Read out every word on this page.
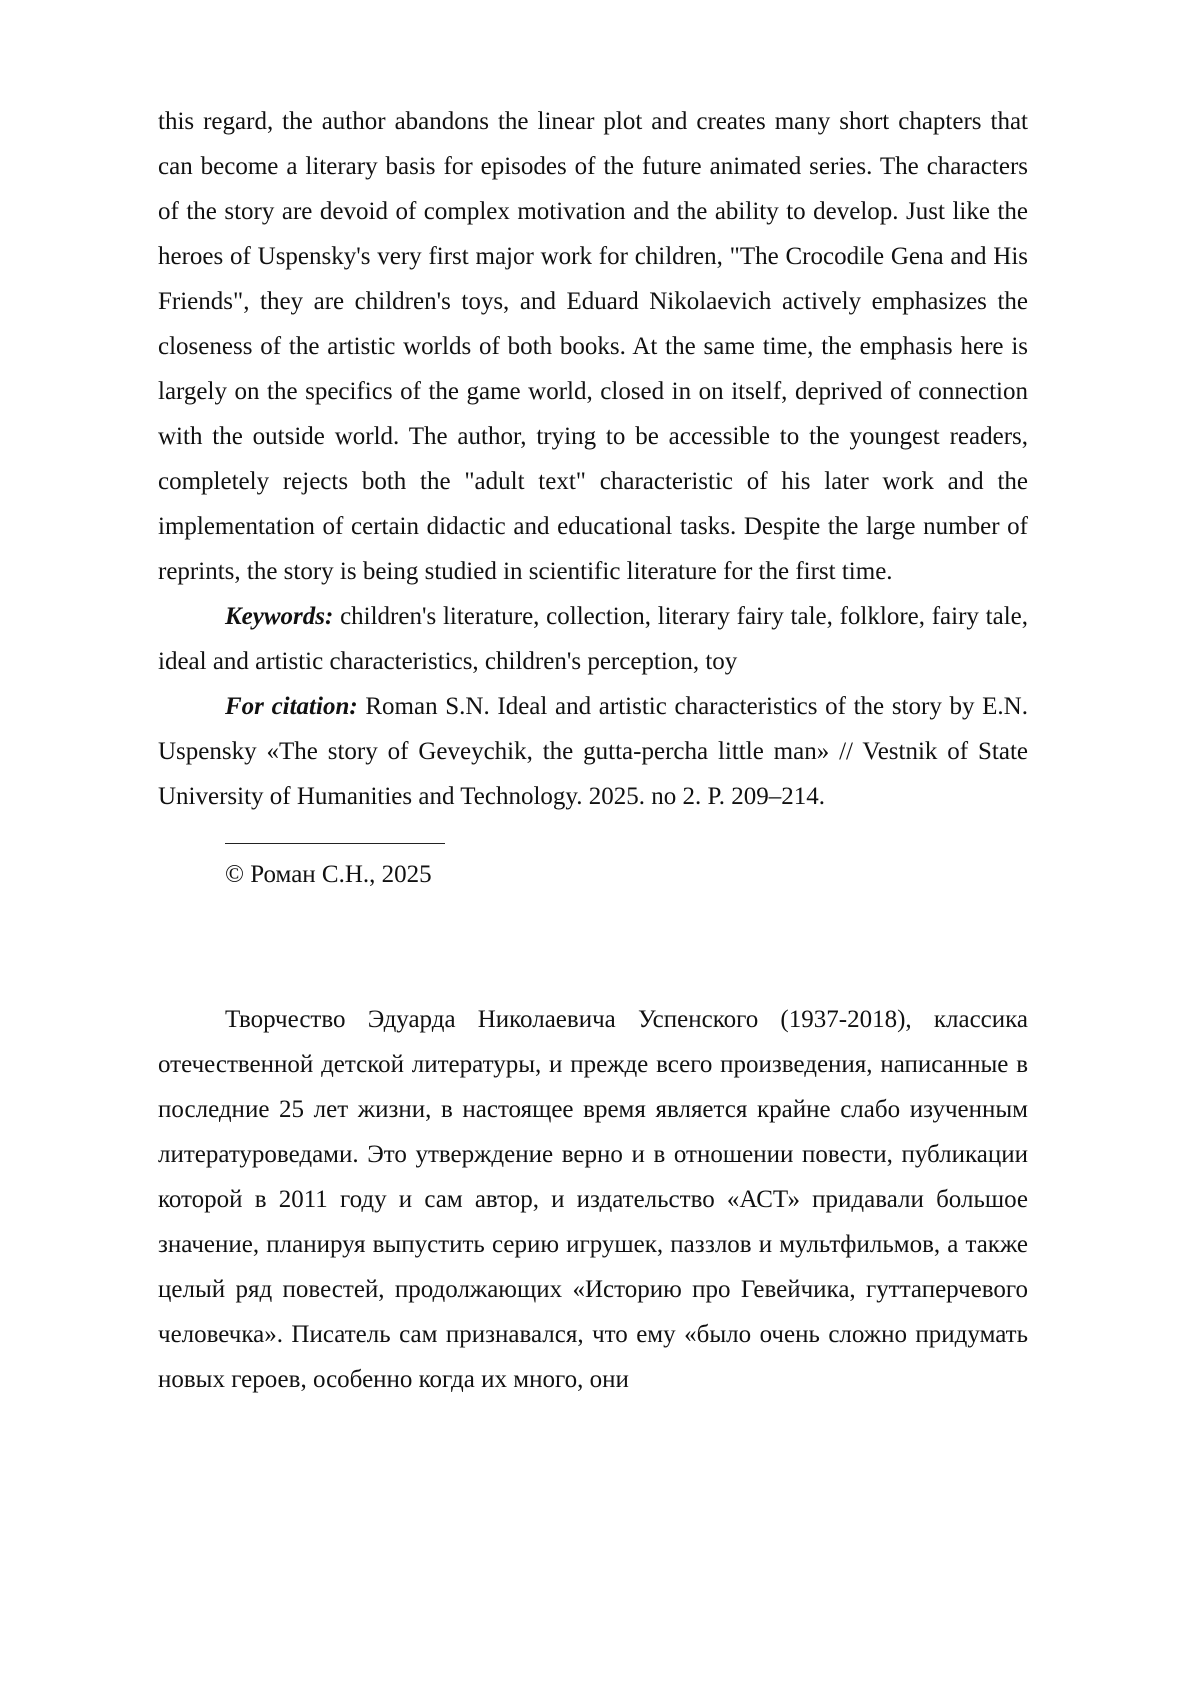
this regard, the author abandons the linear plot and creates many short chapters that can become a literary basis for episodes of the future animated series. The characters of the story are devoid of complex motivation and the ability to develop. Just like the heroes of Uspensky's very first major work for children, "The Crocodile Gena and His Friends", they are children's toys, and Eduard Nikolaevich actively emphasizes the closeness of the artistic worlds of both books. At the same time, the emphasis here is largely on the specifics of the game world, closed in on itself, deprived of connection with the outside world. The author, trying to be accessible to the youngest readers, completely rejects both the "adult text" characteristic of his later work and the implementation of certain didactic and educational tasks. Despite the large number of reprints, the story is being studied in scientific literature for the first time.

Keywords: children's literature, collection, literary fairy tale, folklore, fairy tale, ideal and artistic characteristics, children's perception, toy

For citation: Roman S.N. Ideal and artistic characteristics of the story by E.N. Uspensky «The story of Geveychik, the gutta-percha little man» // Vestnik of State University of Humanities and Technology. 2025. no 2. P. 209–214.

© Роман С.Н., 2025

Творчество Эдуарда Николаевича Успенского (1937-2018), классика отечественной детской литературы, и прежде всего произведения, написанные в последние 25 лет жизни, в настоящее время является крайне слабо изученным литературоведами. Это утверждение верно и в отношении повести, публикации которой в 2011 году и сам автор, и издательство «АСТ» придавали большое значение, планируя выпустить серию игрушек, паззлов и мультфильмов, а также целый ряд повестей, продолжающих «Историю про Гевейчика, гуттаперчевого человечка». Писатель сам признавался, что ему «было очень сложно придумать новых героев, особенно когда их много, они
